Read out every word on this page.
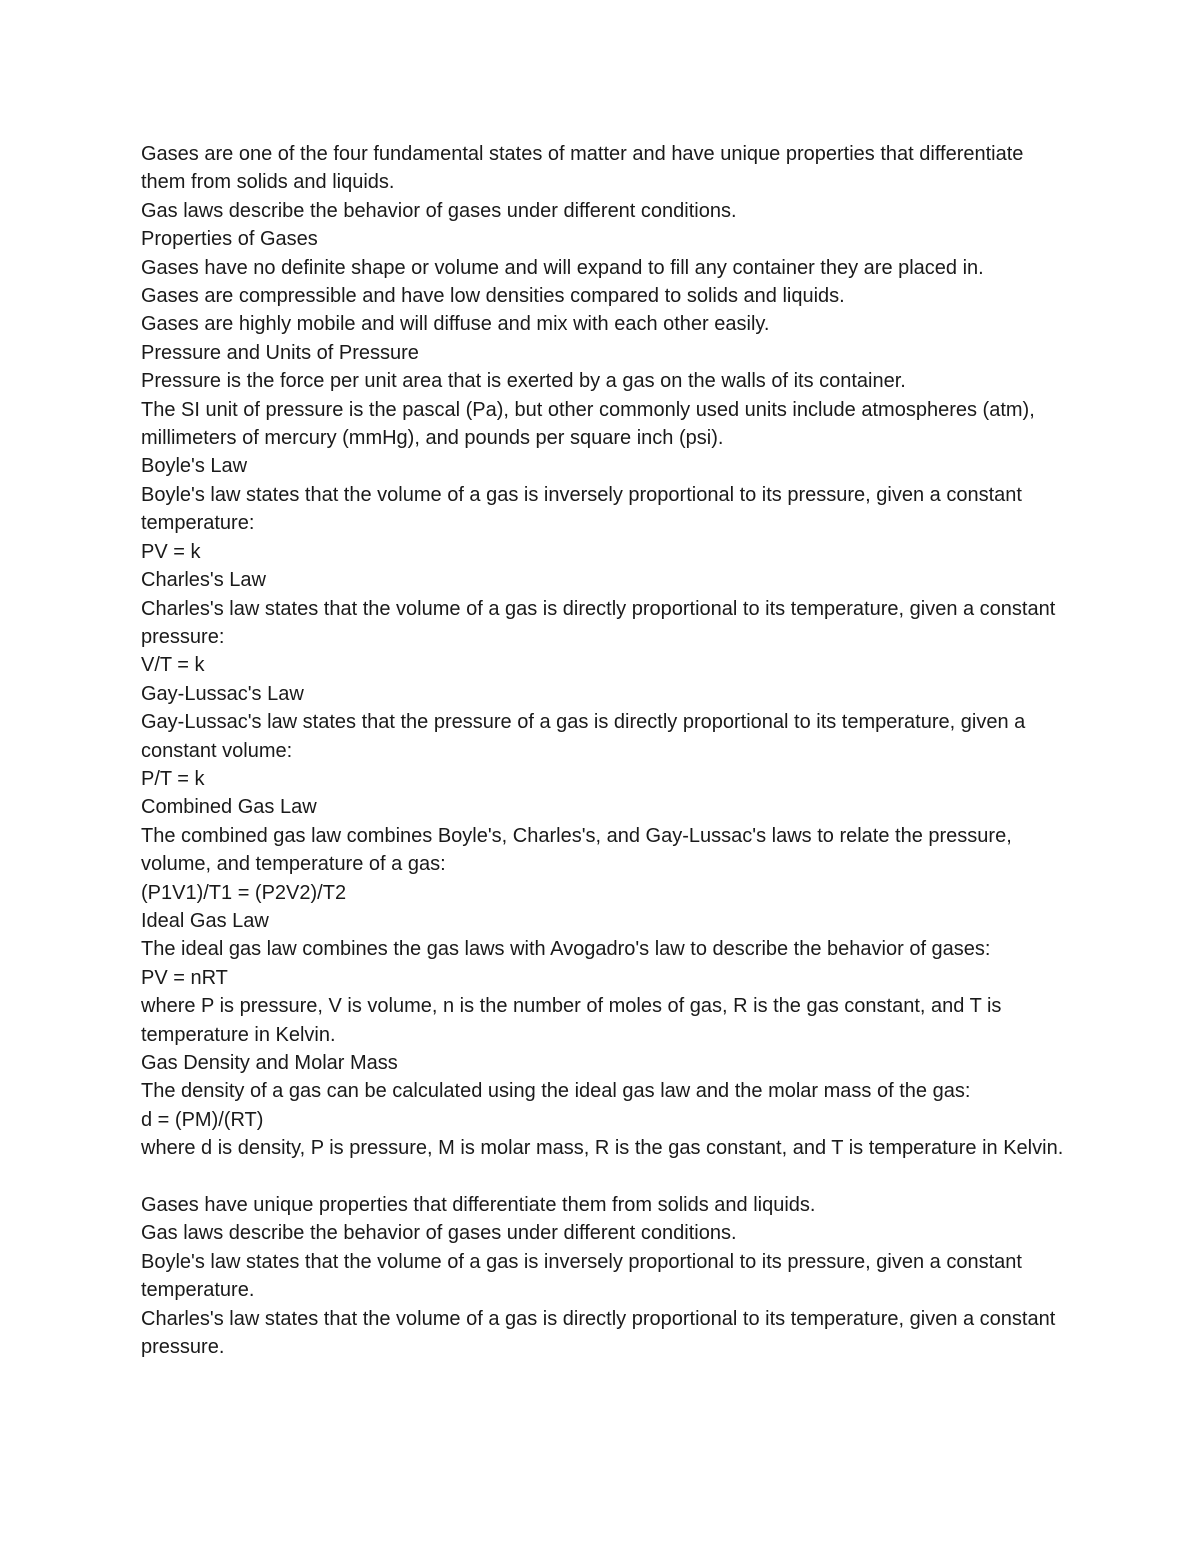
Gases are one of the four fundamental states of matter and have unique properties that differentiate them from solids and liquids.

Gas laws describe the behavior of gases under different conditions.

Properties of Gases

Gases have no definite shape or volume and will expand to fill any container they are placed in.

Gases are compressible and have low densities compared to solids and liquids.

Gases are highly mobile and will diffuse and mix with each other easily.

Pressure and Units of Pressure

Pressure is the force per unit area that is exerted by a gas on the walls of its container.

The SI unit of pressure is the pascal (Pa), but other commonly used units include atmospheres (atm), millimeters of mercury (mmHg), and pounds per square inch (psi).

Boyle's Law

Boyle's law states that the volume of a gas is inversely proportional to its pressure, given a constant temperature:

PV = k

Charles's Law

Charles's law states that the volume of a gas is directly proportional to its temperature, given a constant pressure:

V/T = k

Gay-Lussac's Law

Gay-Lussac's law states that the pressure of a gas is directly proportional to its temperature, given a constant volume:

P/T = k

Combined Gas Law

The combined gas law combines Boyle's, Charles's, and Gay-Lussac's laws to relate the pressure, volume, and temperature of a gas:

(P1V1)/T1 = (P2V2)/T2

Ideal Gas Law

The ideal gas law combines the gas laws with Avogadro's law to describe the behavior of gases:

PV = nRT

where P is pressure, V is volume, n is the number of moles of gas, R is the gas constant, and T is temperature in Kelvin.

Gas Density and Molar Mass

The density of a gas can be calculated using the ideal gas law and the molar mass of the gas:

d = (PM)/(RT)

where d is density, P is pressure, M is molar mass, R is the gas constant, and T is temperature in Kelvin.

Gases have unique properties that differentiate them from solids and liquids.

Gas laws describe the behavior of gases under different conditions.

Boyle's law states that the volume of a gas is inversely proportional to its pressure, given a constant temperature.

Charles's law states that the volume of a gas is directly proportional to its temperature, given a constant pressure.
